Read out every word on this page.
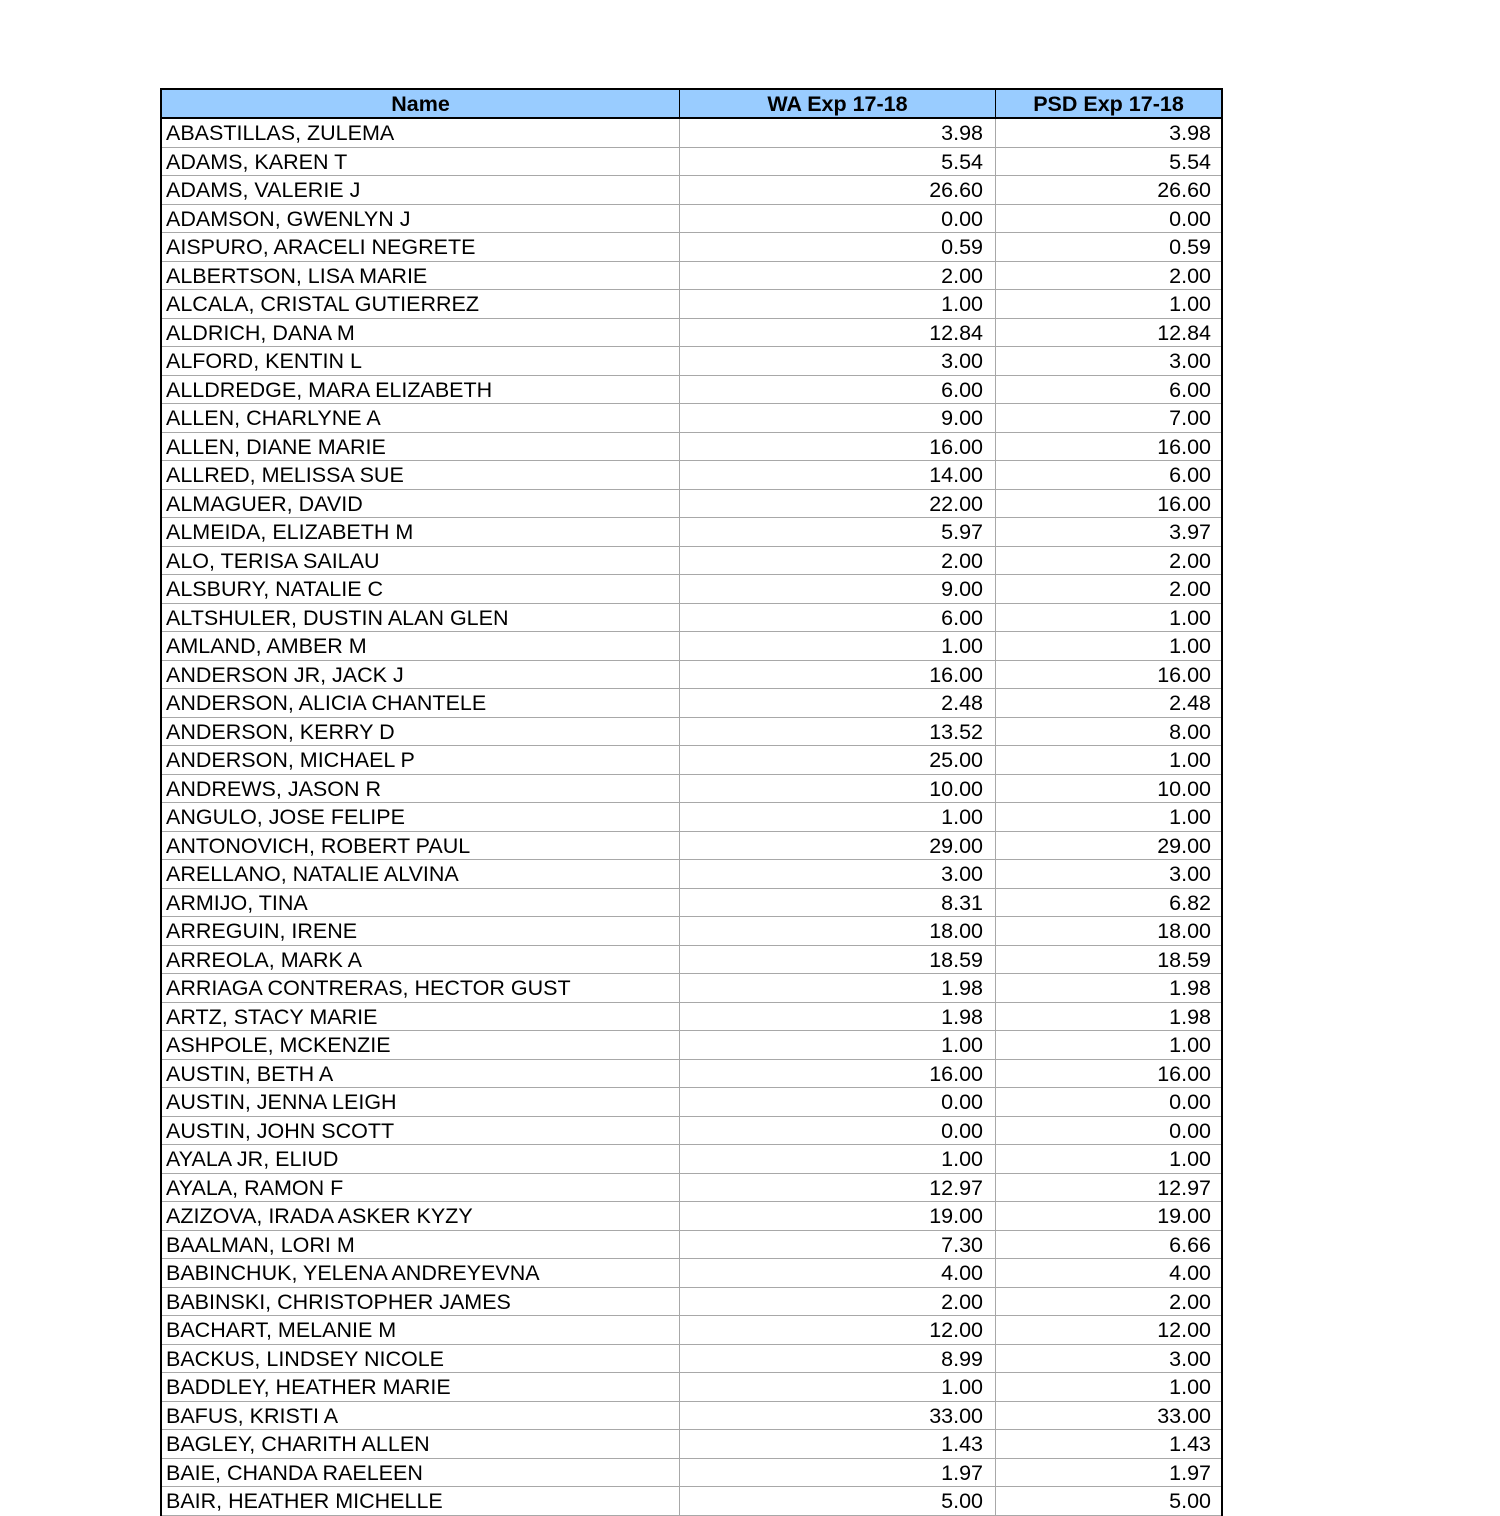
Name	WA Exp 17-18	PSD Exp 17-18
ABASTILLAS, ZULEMA	3.98	3.98
ADAMS, KAREN T	5.54	5.54
ADAMS, VALERIE J	26.60	26.60
ADAMSON, GWENLYN J	0.00	0.00
AISPURO, ARACELI NEGRETE	0.59	0.59
ALBERTSON, LISA MARIE	2.00	2.00
ALCALA, CRISTAL GUTIERREZ	1.00	1.00
ALDRICH, DANA M	12.84	12.84
ALFORD, KENTIN L	3.00	3.00
ALLDREDGE, MARA ELIZABETH	6.00	6.00
ALLEN, CHARLYNE A	9.00	7.00
ALLEN, DIANE MARIE	16.00	16.00
ALLRED, MELISSA SUE	14.00	6.00
ALMAGUER, DAVID	22.00	16.00
ALMEIDA, ELIZABETH M	5.97	3.97
ALO, TERISA SAILAU	2.00	2.00
ALSBURY, NATALIE C	9.00	2.00
ALTSHULER, DUSTIN ALAN GLEN	6.00	1.00
AMLAND, AMBER M	1.00	1.00
ANDERSON JR, JACK J	16.00	16.00
ANDERSON, ALICIA CHANTELE	2.48	2.48
ANDERSON, KERRY D	13.52	8.00
ANDERSON, MICHAEL P	25.00	1.00
ANDREWS, JASON R	10.00	10.00
ANGULO, JOSE FELIPE	1.00	1.00
ANTONOVICH, ROBERT PAUL	29.00	29.00
ARELLANO, NATALIE ALVINA	3.00	3.00
ARMIJO, TINA	8.31	6.82
ARREGUIN, IRENE	18.00	18.00
ARREOLA, MARK A	18.59	18.59
ARRIAGA CONTRERAS, HECTOR GUST	1.98	1.98
ARTZ, STACY MARIE	1.98	1.98
ASHPOLE, MCKENZIE	1.00	1.00
AUSTIN, BETH A	16.00	16.00
AUSTIN, JENNA LEIGH	0.00	0.00
AUSTIN, JOHN SCOTT	0.00	0.00
AYALA JR, ELIUD	1.00	1.00
AYALA, RAMON F	12.97	12.97
AZIZOVA, IRADA ASKER KYZY	19.00	19.00
BAALMAN, LORI M	7.30	6.66
BABINCHUK, YELENA ANDREYEVNA	4.00	4.00
BABINSKI, CHRISTOPHER JAMES	2.00	2.00
BACHART, MELANIE M	12.00	12.00
BACKUS, LINDSEY NICOLE	8.99	3.00
BADDLEY, HEATHER MARIE	1.00	1.00
BAFUS, KRISTI A	33.00	33.00
BAGLEY, CHARITH ALLEN	1.43	1.43
BAIE, CHANDA RAELEEN	1.97	1.97
BAIR, HEATHER MICHELLE	5.00	5.00
